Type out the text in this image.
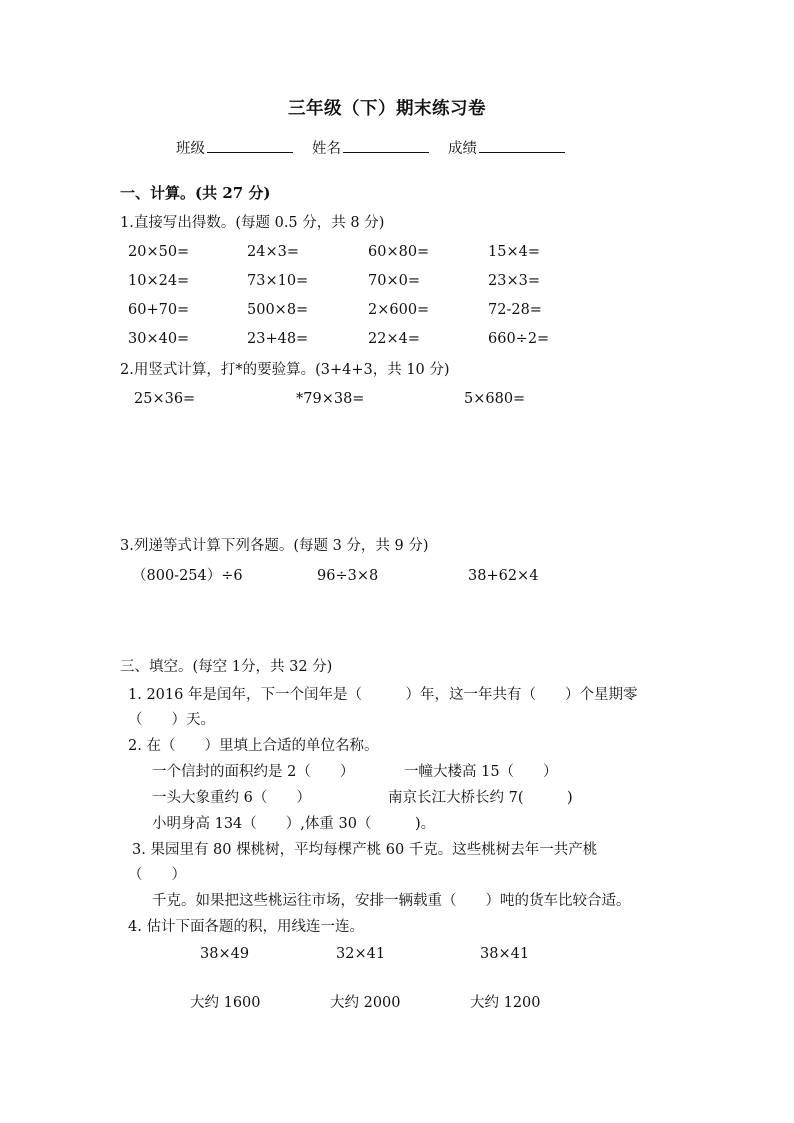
三年级（下）期末练习卷
班级	姓名	成绩
一、计算。(共 27 分)
1.直接写出得数。(每题 0.5 分，共 8 分)
20×50=	24×3=	60×80=	15×4=
10×24=	73×10=	70×0=	23×3=
60+70=	500×8=	2×600=	72-28=
30×40=	23+48=	22×4=	660÷2=
2.用竖式计算，打*的要验算。(3+4+3，共 10 分)
25×36=	*79×38=	5×680=
3.列递等式计算下列各题。(每题 3 分，共 9 分)
（800-254）÷6	96÷3×8	38+62×4
三、填空。(每空 1分，共 32 分)
1. 2016 年是闰年，下一个闰年是（　　　）年，这一年共有（　　）个星期零
（　　）天。
2. 在（　　）里填上合适的单位名称。
一个信封的面积约是 2（　　）	一幢大楼高 15（　　）
一头大象重约 6（　　）	南京长江大桥长约 7(　　　)
小明身高 134（　　）,体重 30（　　　)。
3. 果园里有 80 棵桃树，平均每棵产桃 60 千克。这些桃树去年一共产桃
（　　）
千克。如果把这些桃运往市场，安排一辆载重（　　）吨的货车比较合适。
4. 估计下面各题的积，用线连一连。
38×49	32×41	38×41
大约 1600	大约 2000	大约 1200
